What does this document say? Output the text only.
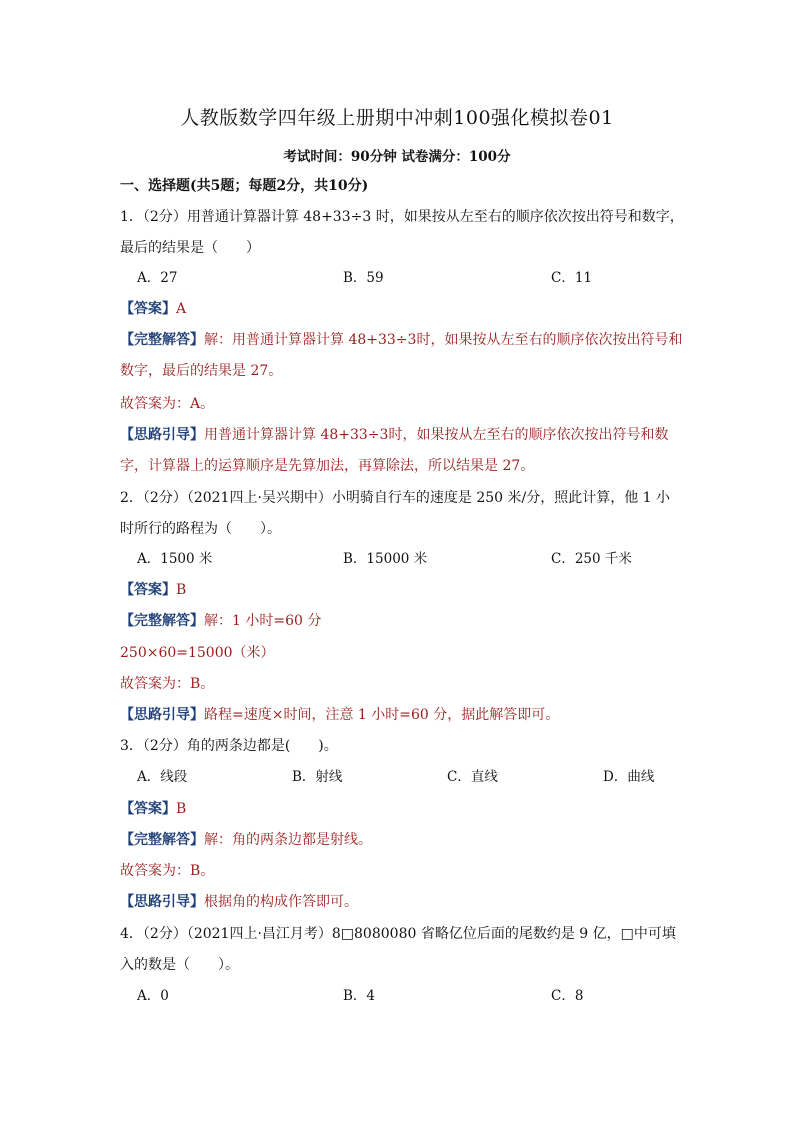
人教版数学四年级上册期中冲刺100强化模拟卷01
考试时间：90分钟 试卷满分：100分
一、选择题(共5题；每题2分，共10分)
1．（2分）用普通计算器计算 48+33÷3 时，如果按从左至右的顺序依次按出符号和数字，
最后的结果是（　　）
A．27	B．59	C．11
【答案】A
【完整解答】解：用普通计算器计算 48+33÷3时，如果按从左至右的顺序依次按出符号和
数字，最后的结果是 27。
故答案为：A。
【思路引导】用普通计算器计算 48+33÷3时，如果按从左至右的顺序依次按出符号和数
字，计算器上的运算顺序是先算加法，再算除法，所以结果是 27。
2．（2分）（2021四上·吴兴期中）小明骑自行车的速度是 250 米/分，照此计算，他 1 小
时所行的路程为（　　）。
A．1500 米	B．15000 米	C．250 千米
【答案】B
【完整解答】解：1 小时=60 分
250×60=15000（米）
故答案为：B。
【思路引导】路程=速度×时间，注意 1 小时=60 分，据此解答即可。
3．（2分）角的两条边都是(　　)。
A．线段	B．射线	C．直线	D．曲线
【答案】B
【完整解答】解：角的两条边都是射线。
故答案为：B。
【思路引导】根据角的构成作答即可。
4．（2分）（2021四上·昌江月考）8□8080080 省略亿位后面的尾数约是 9 亿，□中可填
入的数是（　　）。
A．0	B．4	C．8
